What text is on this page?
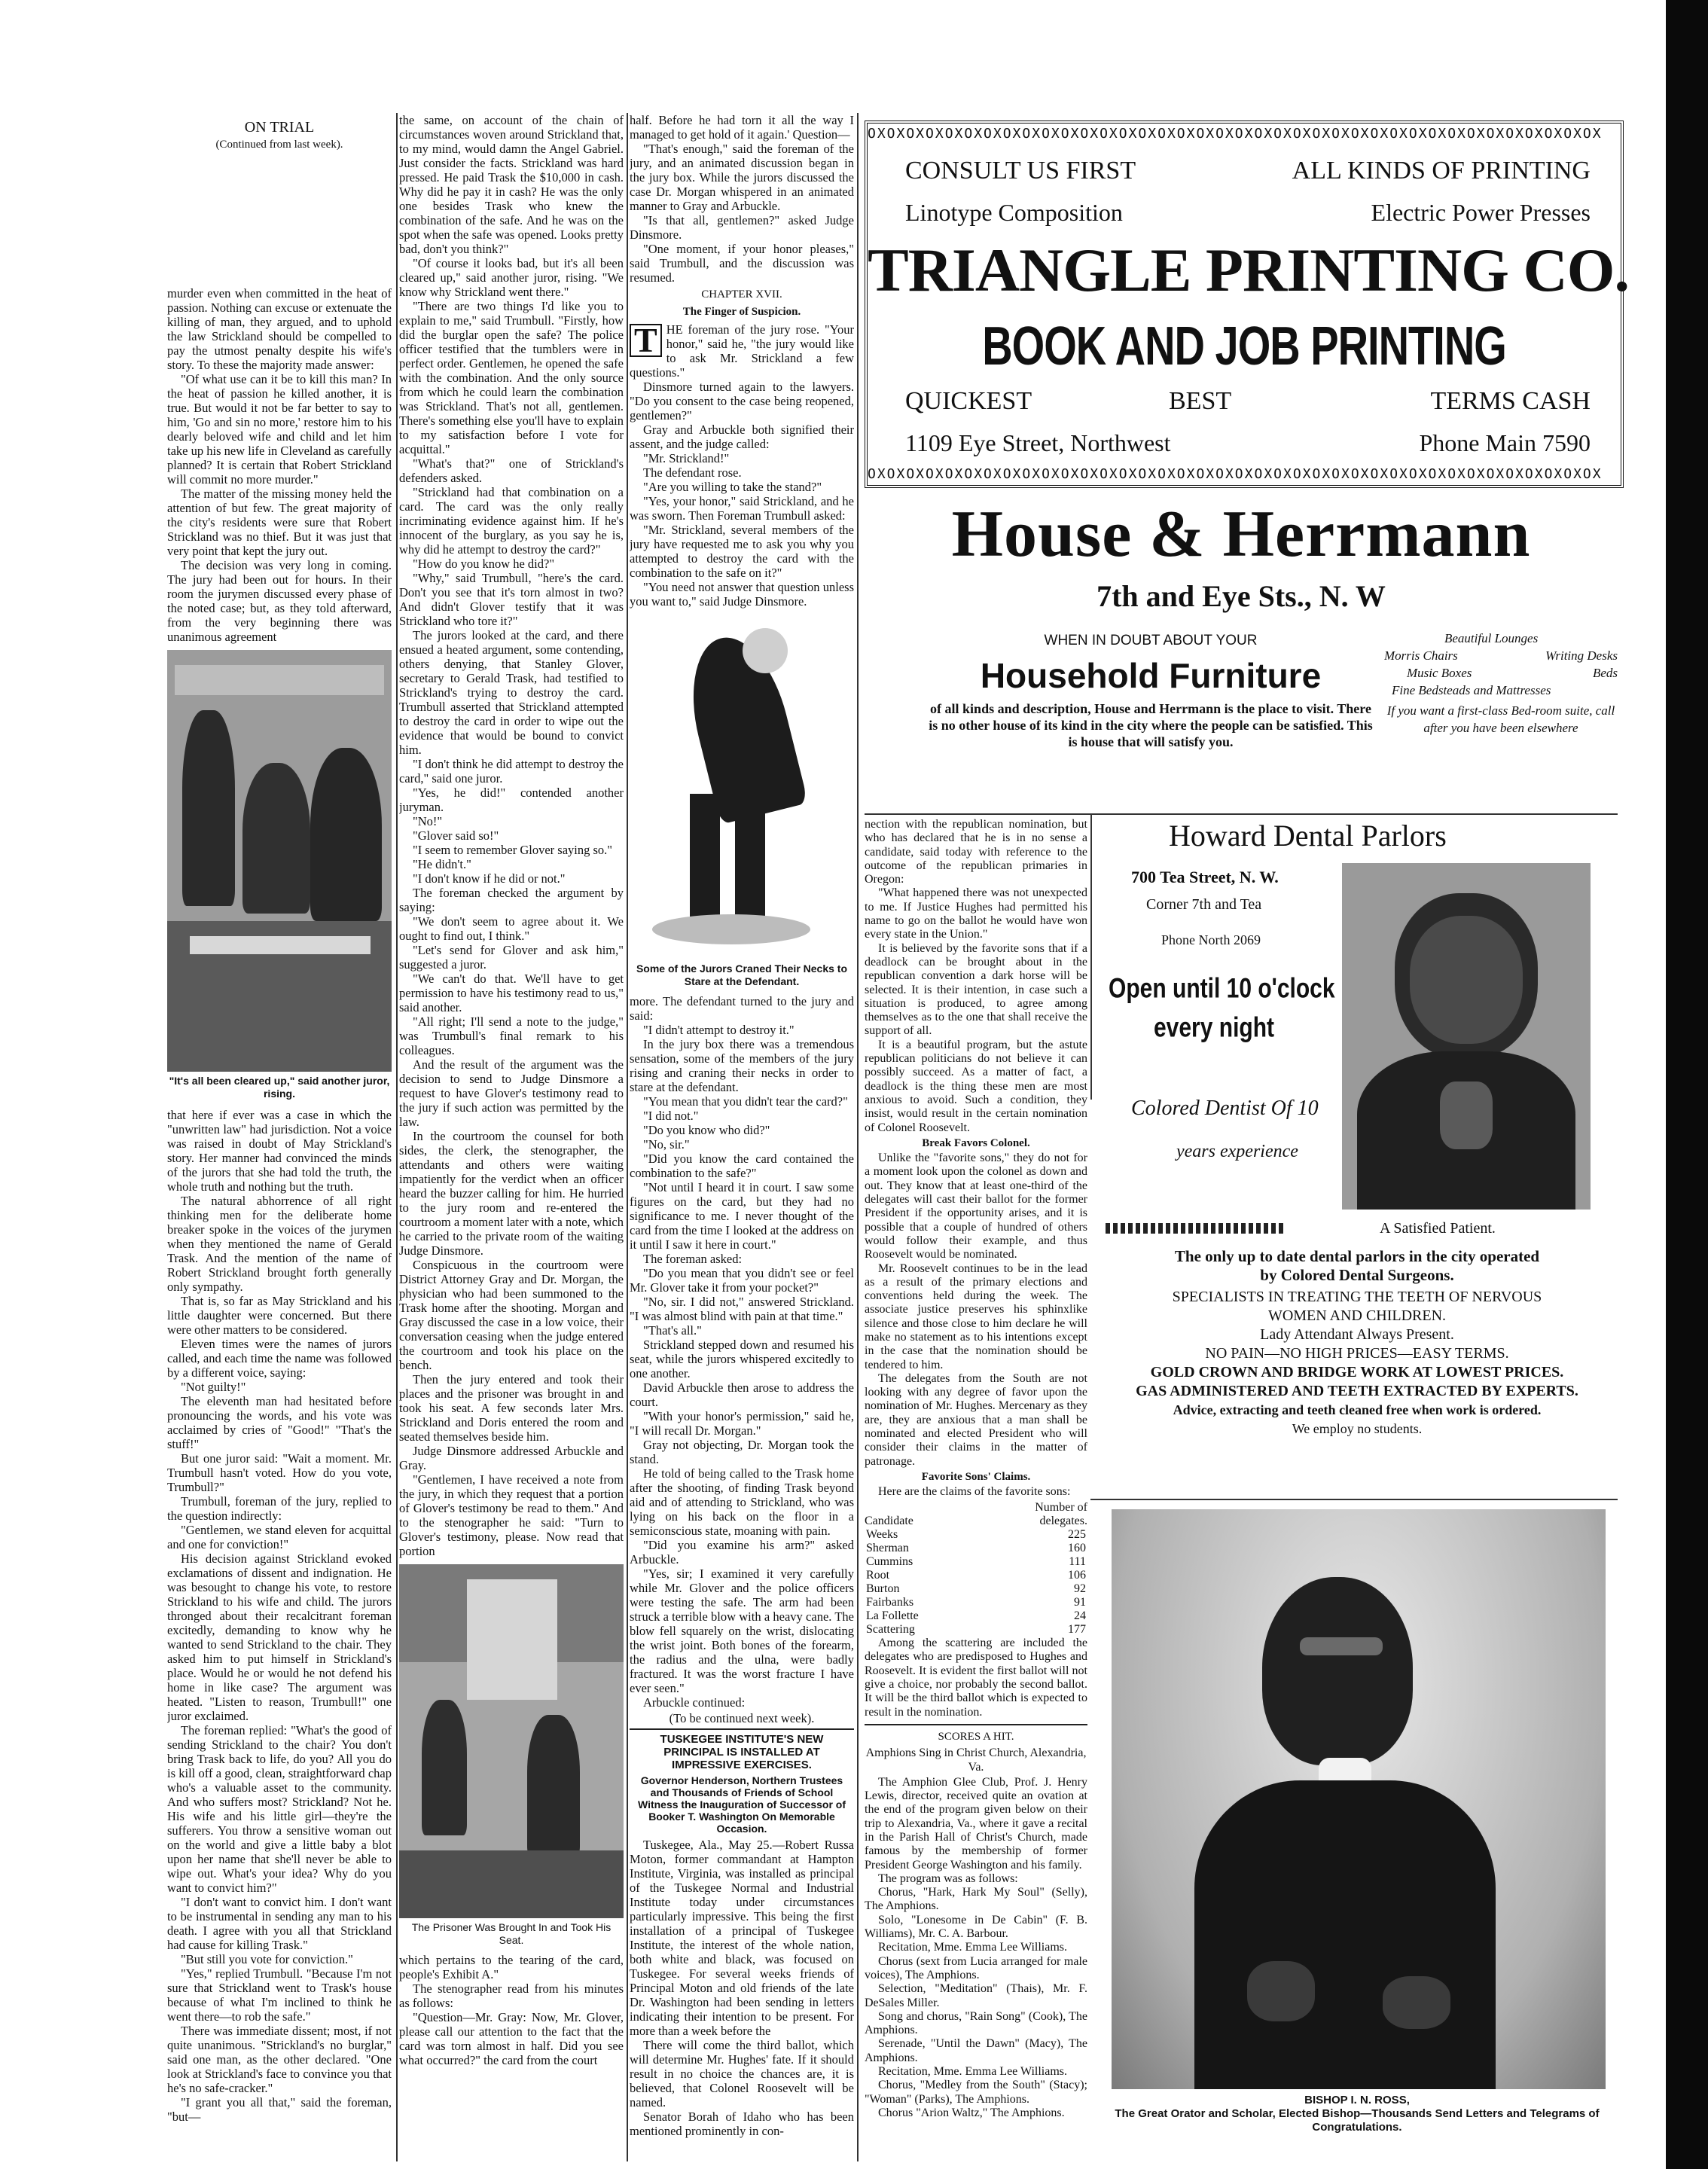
ON TRIAL
(Continued from last week).

murder even when committed in the heat of passion. Nothing can excuse or extenuate the killing of man, they argued, and to uphold the law Strickland should be compelled to pay the utmost penalty despite his wife's story. To these the majority made answer:

"Of what use can it be to kill this man? In the heat of passion he killed another, it is true. But would it not be far better to say to him, 'Go and sin no more,' restore him to his dearly beloved wife and child and let him take up his new life in Cleveland as carefully planned? It is certain that Robert Strickland will commit no more murder."

The matter of the missing money held the attention of but few. The great majority of the city's residents were sure that Robert Strickland was no thief. But it was just that very point that kept the jury out.

The decision was very long in coming. The jury had been out for hours. In their room the jurymen discussed every phase of the noted case; but, as they told afterward, from the very beginning there was unanimous agreement

"It's all been cleared up," said another juror, rising.

that here if ever was a case in which the "unwritten law" had jurisdiction. Not a voice was raised in doubt of May Strickland's story. Her manner had convinced the minds of the jurors that she had told the truth, the whole truth and nothing but the truth.

The natural abhorrence of all right thinking men for the deliberate home breaker spoke in the voices of the jurymen when they mentioned the name of Gerald Trask. And the mention of the name of Robert Strickland brought forth generally only sympathy.

That is, so far as May Strickland and his little daughter were concerned. But there were other matters to be considered.

Eleven times were the names of jurors called, and each time the name was followed by a different voice, saying:

"Not guilty!"

The eleventh man had hesitated before pronouncing the words, and his vote was acclaimed by cries of "Good!" "That's the stuff!"

But one juror said: "Wait a moment. Mr. Trumbull hasn't voted. How do you vote, Trumbull?"

Trumbull, foreman of the jury, replied to the question indirectly:

"Gentlemen, we stand eleven for acquittal and one for conviction!"

His decision against Strickland evoked exclamations of dissent and indignation. He was besought to change his vote, to restore Strickland to his wife and child. The jurors thronged about their recalcitrant foreman excitedly, demanding to know why he wanted to send Strickland to the chair. They asked him to put himself in Strickland's place. Would he or would he not defend his home in like case? The argument was heated. "Listen to reason, Trumbull!" one juror exclaimed.

The foreman replied: "What's the good of sending Strickland to the chair? You don't bring Trask back to life, do you? All you do is kill off a good, clean, straightforward chap who's a valuable asset to the community. And who suffers most? Strickland? Not he. His wife and his little girl—they're the sufferers. You throw a sensitive woman out on the world and give a little baby a blot upon her name that she'll never be able to wipe out. What's your idea? Why do you want to convict him?"

"I don't want to convict him. I don't want to be instrumental in sending any man to his death. I agree with you all that Strickland had cause for killing Trask."

"But still you vote for conviction."

"Yes," replied Trumbull. "Because I'm not sure that Strickland went to Trask's house because of what I'm inclined to think he went there—to rob the safe."

There was immediate dissent; most, if not quite unanimous. "Strickland's no burglar," said one man, as the other declared. "One look at Strickland's face to convince you that he's no safe-cracker."

"I grant you all that," said the foreman, "but—

the same, on account of the chain of circumstances woven around Strickland that, to my mind, would damn the Angel Gabriel. Just consider the facts. Strickland was hard pressed. He paid Trask the $10,000 in cash. Why did he pay it in cash? He was the only one besides Trask who knew the combination of the safe. And he was on the spot when the safe was opened. Looks pretty bad, don't you think?"

"Of course it looks bad, but it's all been cleared up," said another juror, rising. "We know why Strickland went there."

"There are two things I'd like you to explain to me," said Trumbull. "Firstly, how did the burglar open the safe? The police officer testified that the tumblers were in perfect order. Gentlemen, he opened the safe with the combination. And the only source from which he could learn the combination was Strickland. That's not all, gentlemen. There's something else you'll have to explain to my satisfaction before I vote for acquittal."

"What's that?" one of Strickland's defenders asked.

"Strickland had that combination on a card. The card was the only really incriminating evidence against him. If he's innocent of the burglary, as you say he is, why did he attempt to destroy the card?"

"How do you know he did?"

"Why," said Trumbull, "here's the card. Don't you see that it's torn almost in two? And didn't Glover testify that it was Strickland who tore it?"

The jurors looked at the card, and there ensued a heated argument, some contending, others denying, that Stanley Glover, secretary to Gerald Trask, had testified to Strickland's trying to destroy the card. Trumbull asserted that Strickland attempted to destroy the card in order to wipe out the evidence that would be bound to convict him.

"I don't think he did attempt to destroy the card," said one juror.

"Yes, he did!" contended another juryman.

"No!"

"Glover said so!"

"I seem to remember Glover saying so."

"He didn't."

"I don't know if he did or not."

The foreman checked the argument by saying:

"We don't seem to agree about it. We ought to find out, I think."

"Let's send for Glover and ask him," suggested a juror.

"We can't do that. We'll have to get permission to have his testimony read to us," said another.

"All right; I'll send a note to the judge," was Trumbull's final remark to his colleagues.

And the result of the argument was the decision to send to Judge Dinsmore a request to have Glover's testimony read to the jury if such action was permitted by the law.

In the courtroom the counsel for both sides, the clerk, the stenographer, the attendants and others were waiting impatiently for the verdict when an officer heard the buzzer calling for him. He hurried to the jury room and re-entered the courtroom a moment later with a note, which he carried to the private room of the waiting Judge Dinsmore.

Conspicuous in the courtroom were District Attorney Gray and Dr. Morgan, the physician who had been summoned to the Trask home after the shooting. Morgan and Gray discussed the case in a low voice, their conversation ceasing when the judge entered the courtroom and took his place on the bench.

Then the jury entered and took their places and the prisoner was brought in and took his seat. A few seconds later Mrs. Strickland and Doris entered the room and seated themselves beside him.

Judge Dinsmore addressed Arbuckle and Gray.

"Gentlemen, I have received a note from the jury, in which they request that a portion of Glover's testimony be read to them." And to the stenographer he said: "Turn to Glover's testimony, please. Now read that portion

The Prisoner Was Brought In and Took His Seat.

which pertains to the tearing of the card, people's Exhibit A."

The stenographer read from his minutes as follows:

"Question—Mr. Gray: Now, Mr. Glover, please call our attention to the fact that the card was torn almost in half. Did you see what occurred?" the card from the court

half. Before he had torn it all the way I managed to get hold of it again.' Question—

"That's enough," said the foreman of the jury, and an animated discussion began in the jury box. While the jurors discussed the case Dr. Morgan whispered in an animated manner to Gray and Arbuckle.

"Is that all, gentlemen?" asked Judge Dinsmore.

"One moment, if your honor pleases," said Trumbull, and the discussion was resumed.

CHAPTER XVII.
The Finger of Suspicion.

T HE foreman of the jury rose. "Your honor," said he, "the jury would like to ask Mr. Strickland a few questions."

Dinsmore turned again to the lawyers. "Do you consent to the case being reopened, gentlemen?"

Gray and Arbuckle both signified their assent, and the judge called:

"Mr. Strickland!"

The defendant rose.

"Are you willing to take the stand?"

"Yes, your honor," said Strickland, and he was sworn. Then Foreman Trumbull asked:

"Mr. Strickland, several members of the jury have requested me to ask you why you attempted to destroy the card with the combination to the safe on it?"

"You need not answer that question unless you want to," said Judge Dinsmore.

Some of the Jurors Craned Their Necks to Stare at the Defendant.

more. The defendant turned to the jury and said:

"I didn't attempt to destroy it."

In the jury box there was a tremendous sensation, some of the members of the jury rising and craning their necks in order to stare at the defendant.

"You mean that you didn't tear the card?"

"I did not."

"Do you know who did?"

"No, sir."

"Did you know the card contained the combination to the safe?"

"Not until I heard it in court. I saw some figures on the card, but they had no significance to me. I never thought of the card from the time I looked at the address on it until I saw it here in court."

The foreman asked:

"Do you mean that you didn't see or feel Mr. Glover take it from your pocket?"

"No, sir. I did not," answered Strickland. "I was almost blind with pain at that time."

"That's all."

Strickland stepped down and resumed his seat, while the jurors whispered excitedly to one another.

David Arbuckle then arose to address the court.

"With your honor's permission," said he, "I will recall Dr. Morgan."

Gray not objecting, Dr. Morgan took the stand.

He told of being called to the Trask home after the shooting, of finding Trask beyond aid and of attending to Strickland, who was lying on his back on the floor in a semiconscious state, moaning with pain.

"Did you examine his arm?" asked Arbuckle.

"Yes, sir; I examined it very carefully while Mr. Glover and the police officers were testing the safe. The arm had been struck a terrible blow with a heavy cane. The blow fell squarely on the wrist, dislocating the wrist joint. Both bones of the forearm, the radius and the ulna, were badly fractured. It was the worst fracture I have ever seen."

Arbuckle continued:

(To be continued next week).
TUSKEGEE INSTITUTE'S NEW PRINCIPAL IS INSTALLED AT IMPRESSIVE EXERCISES.
Governor Henderson, Northern Trustees and Thousands of Friends of School Witness the Inauguration of Successor of Booker T. Washington On Memorable Occasion.

Tuskegee, Ala., May 25.—Robert Russa Moton, former commandant at Hampton Institute, Virginia, was installed as principal of the Tuskegee Normal and Industrial Institute today under circumstances particularly impressive. This being the first installation of a principal of Tuskegee Institute, the interest of the whole nation, both white and black, was focused on Tuskegee. For several weeks friends of Principal Moton and old friends of the late Dr. Washington had been sending in letters indicating their intention to be present. For more than a week before the

There will come the third ballot, which will determine Mr. Hughes' fate. If it should result in no choice the chances are, it is believed, that Colonel Roosevelt will be named.

Senator Borah of Idaho who has been mentioned prominently in con-

OXOXOXOXOXOXOXOXOXOXOXOXOXOXOXOXOXOXOXOXOXOXOXOXOXOXOXOXOXOXOXOXOXOXOXOXOXOX
OXOXOXOXOXOXOXOXOXOXOXOXOXOXOXOXOXOXOXOXOXOXOXOXOXOXOXOXOXOXOXOXOXOXOXOXOXOX
CONSULT US FIRST	ALL KINDS OF PRINTING
Linotype Composition	Electric Power Presses
TRIANGLE PRINTING CO.
BOOK AND JOB PRINTING
QUICKEST	BEST	TERMS CASH
1109 Eye Street, Northwest	Phone Main 7590
House & Herrmann
7th and Eye Sts., N. W
WHEN IN DOUBT ABOUT YOUR
Household Furniture
of all kinds and description, House and Herrmann is the place to visit. There is no other house of its kind in the city where the people can be satisfied. This is house that will satisfy you.
Beautiful Lounges
Morris Chairs	Writing Desks
Music Boxes	Beds
Fine Bedsteads and Mattresses
If you want a first-class Bed-room suite, call after you have been elsewhere

nection with the republican nomination, but who has declared that he is in no sense a candidate, said today with reference to the outcome of the republican primaries in Oregon:

"What happened there was not unexpected to me. If Justice Hughes had permitted his name to go on the ballot he would have won every state in the Union."

It is believed by the favorite sons that if a deadlock can be brought about in the republican convention a dark horse will be selected. It is their intention, in case such a situation is produced, to agree among themselves as to the one that shall receive the support of all.

It is a beautiful program, but the astute republican politicians do not believe it can possibly succeed. As a matter of fact, a deadlock is the thing these men are most anxious to avoid. Such a condition, they insist, would result in the certain nomination of Colonel Roosevelt.

Break Favors Colonel.

Unlike the "favorite sons," they do not for a moment look upon the colonel as down and out. They know that at least one-third of the delegates will cast their ballot for the former President if the opportunity arises, and it is possible that a couple of hundred of others would follow their example, and thus Roosevelt would be nominated.

Mr. Roosevelt continues to be in the lead as a result of the primary elections and conventions held during the week. The associate justice preserves his sphinxlike silence and those close to him declare he will make no statement as to his intentions except in the case that the nomination should be tendered to him.

The delegates from the South are not looking with any degree of favor upon the nomination of Mr. Hughes. Mercenary as they are, they are anxious that a man shall be nominated and elected President who will consider their claims in the matter of patronage.

Favorite Sons' Claims.

Here are the claims of the favorite sons:

Number of
Candidate	delegates.
Weeks	225
Sherman	160
Cummins	111
Root	106
Burton	92
Fairbanks	91
La Follette	24
Scattering	177

Among the scattering are included the delegates who are predisposed to Hughes and Roosevelt. It is evident the first ballot will not give a choice, nor probably the second ballot. It will be the third ballot which is expected to result in the nomination.

SCORES A HIT.
Amphions Sing in Christ Church, Alexandria, Va.

The Amphion Glee Club, Prof. J. Henry Lewis, director, received quite an ovation at the end of the program given below on their trip to Alexandria, Va., where it gave a recital in the Parish Hall of Christ's Church, made famous by the membership of former President George Washington and his family.

The program was as follows:

Chorus, "Hark, Hark My Soul" (Selly), The Amphions.

Solo, "Lonesome in De Cabin" (F. B. Williams), Mr. C. A. Barbour.

Recitation, Mme. Emma Lee Williams.

Chorus (sext from Lucia arranged for male voices), The Amphions.

Selection, "Meditation" (Thais), Mr. F. DeSales Miller.

Song and chorus, "Rain Song" (Cook), The Amphions.

Serenade, "Until the Dawn" (Macy), The Amphions.

Recitation, Mme. Emma Lee Williams.

Chorus, "Medley from the South" (Stacy); "Woman" (Parks), The Amphions.

Chorus "Arion Waltz," The Amphions.

Howard Dental Parlors
700 Tea Street, N. W.
Corner 7th and Tea
Phone North 2069
Open until 10 o'clock
every night
Colored Dentist Of 10
years experience
A Satisfied Patient.
The only up to date dental parlors in the city operated
by Colored Dental Surgeons.
SPECIALISTS IN TREATING THE TEETH OF NERVOUS
WOMEN AND CHILDREN.
Lady Attendant Always Present.
NO PAIN—NO HIGH PRICES—EASY TERMS.
GOLD CROWN AND BRIDGE WORK AT LOWEST PRICES.
GAS ADMINISTERED AND TEETH EXTRACTED BY EXPERTS.
Advice, extracting and teeth cleaned free when work is ordered.
We employ no students.
BISHOP I. N. ROSS,
The Great Orator and Scholar, Elected Bishop—Thousands Send Letters and Telegrams of Congratulations.
